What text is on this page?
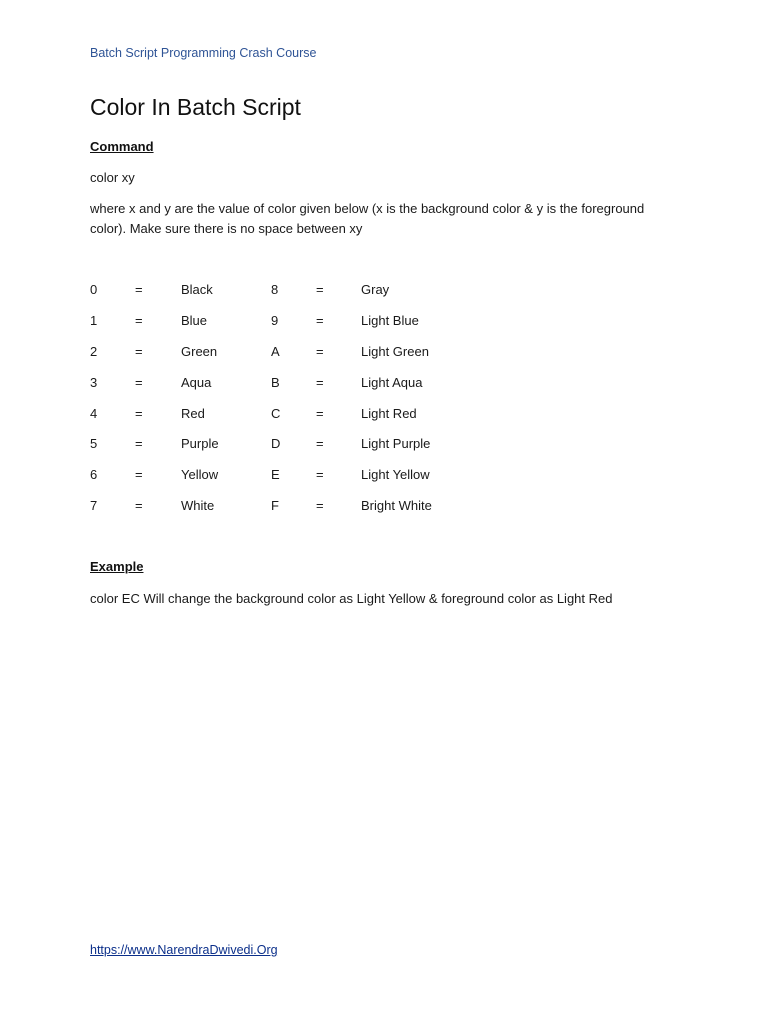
Batch Script Programming Crash Course
Color In Batch Script
Command
color xy
where x and y are the value of color given below (x is the background color & y is the foreground color). Make sure there is no space between xy
0	=	Black	8	=	Gray
1	=	Blue	9	=	Light Blue
2	=	Green	A	=	Light Green
3	=	Aqua	B	=	Light Aqua
4	=	Red	C	=	Light Red
5	=	Purple	D	=	Light Purple
6	=	Yellow	E	=	Light Yellow
7	=	White	F	=	Bright White
Example
color EC Will change the background color as Light Yellow & foreground color as Light Red
https://www.NarendraDwivedi.Org
